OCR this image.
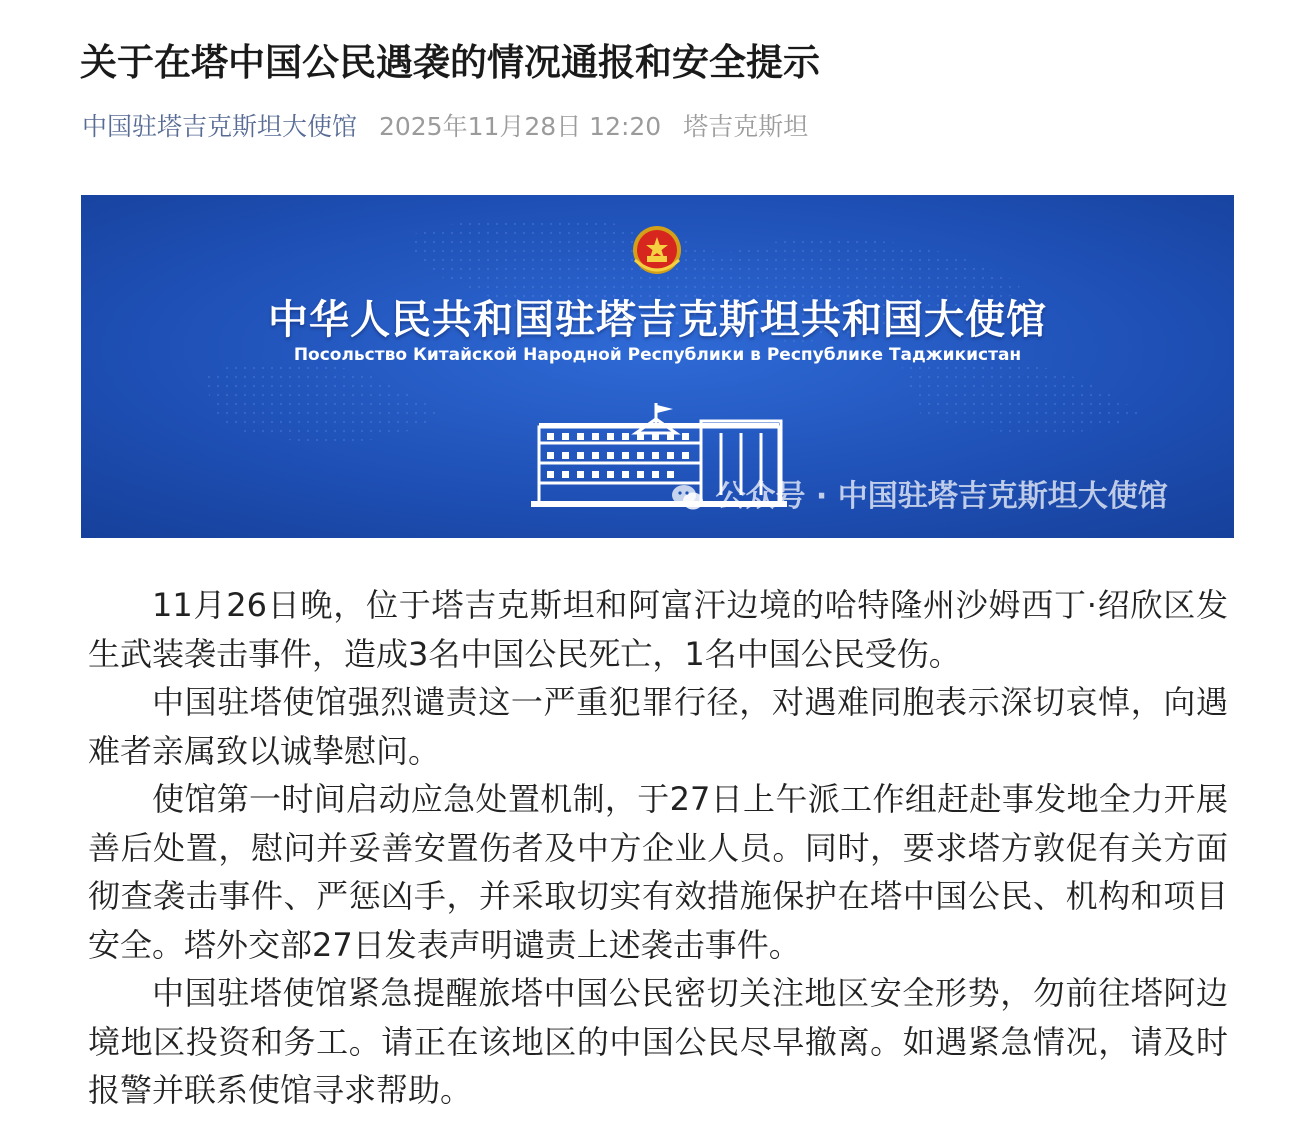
关于在塔中国公民遇袭的情况通报和安全提示
中国驻塔吉克斯坦大使馆 2025年11月28日 12:20 塔吉克斯坦
中华人民共和国驻塔吉克斯坦共和国大使馆
Посольство Китайской Народной Республики в Республике Таджикистан
公众号 · 中国驻塔吉克斯坦大使馆

11月26日晚，位于塔吉克斯坦和阿富汗边境的哈特隆州沙姆西丁·绍欣区发生武装袭击事件，造成3名中国公民死亡，1名中国公民受伤。

中国驻塔使馆强烈谴责这一严重犯罪行径，对遇难同胞表示深切哀悼，向遇难者亲属致以诚挚慰问。

使馆第一时间启动应急处置机制，于27日上午派工作组赶赴事发地全力开展善后处置，慰问并妥善安置伤者及中方企业人员。同时，要求塔方敦促有关方面彻查袭击事件、严惩凶手，并采取切实有效措施保护在塔中国公民、机构和项目安全。塔外交部27日发表声明谴责上述袭击事件。

中国驻塔使馆紧急提醒旅塔中国公民密切关注地区安全形势，勿前往塔阿边境地区投资和务工。请正在该地区的中国公民尽早撤离。如遇紧急情况，请及时报警并联系使馆寻求帮助。
